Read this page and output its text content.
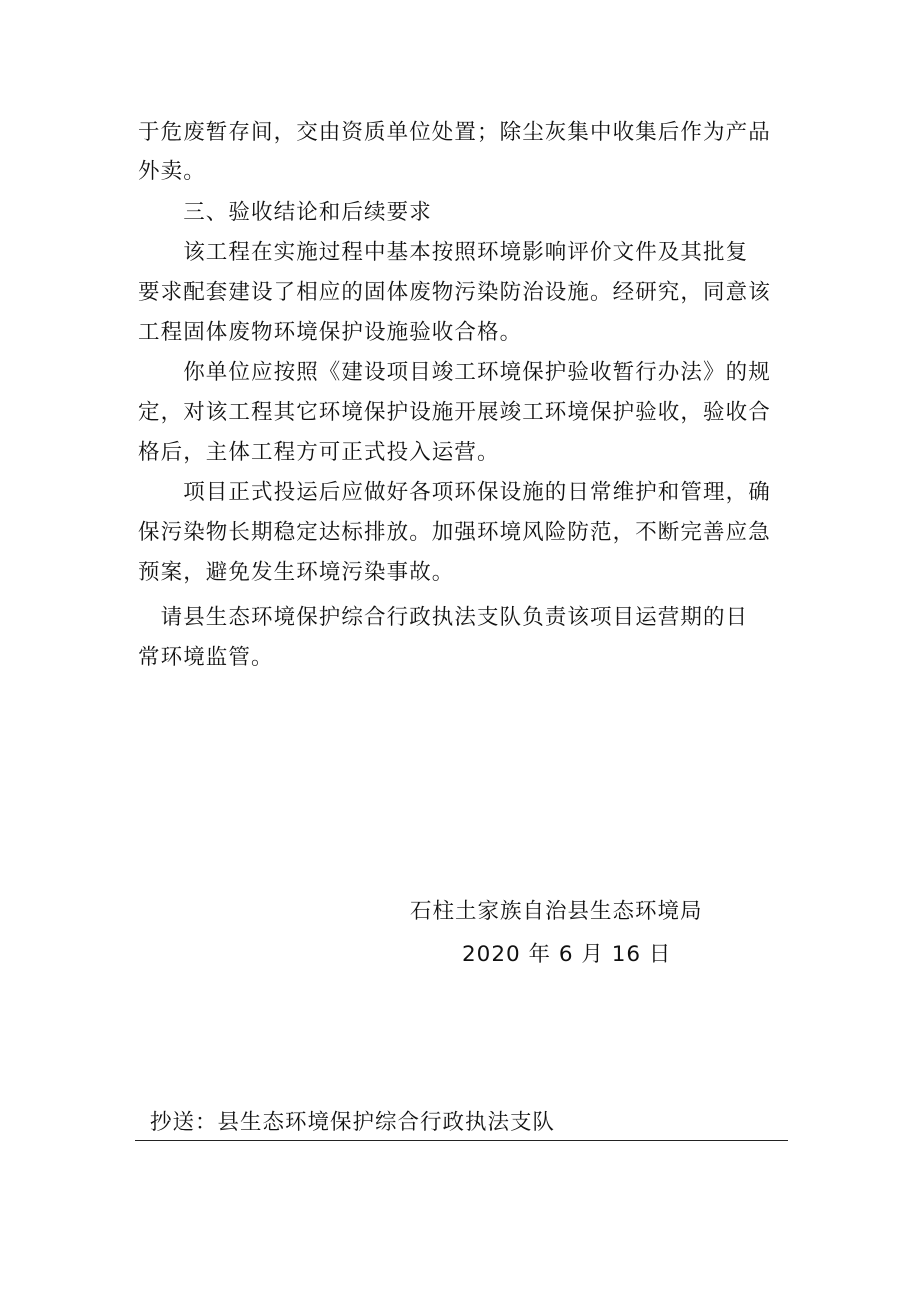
于危废暂存间，交由资质单位处置；除尘灰集中收集后作为产品
外卖。
　　三、验收结论和后续要求
　　该工程在实施过程中基本按照环境影响评价文件及其批复
要求配套建设了相应的固体废物污染防治设施。经研究，同意该
工程固体废物环境保护设施验收合格。
　　你单位应按照《建设项目竣工环境保护验收暂行办法》的规
定，对该工程其它环境保护设施开展竣工环境保护验收，验收合
格后，主体工程方可正式投入运营。
　　项目正式投运后应做好各项环保设施的日常维护和管理，确
保污染物长期稳定达标排放。加强环境风险防范，不断完善应急
预案，避免发生环境污染事故。
　请县生态环境保护综合行政执法支队负责该项目运营期的日
常环境监管。
石柱土家族自治县生态环境局
2020 年 6 月 16 日
抄送：县生态环境保护综合行政执法支队
